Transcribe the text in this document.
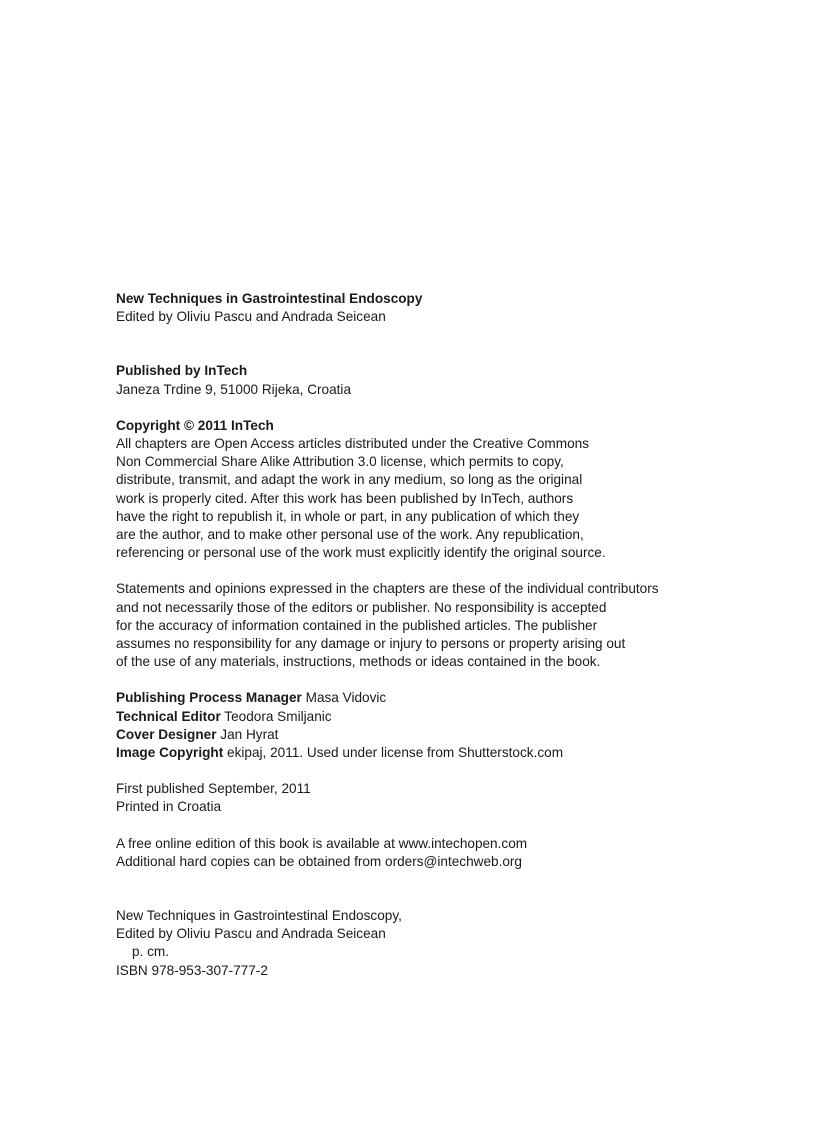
New Techniques in Gastrointestinal Endoscopy
Edited by Oliviu Pascu and Andrada Seicean
Published by InTech
Janeza Trdine 9, 51000 Rijeka, Croatia
Copyright © 2011 InTech
All chapters are Open Access articles distributed under the Creative Commons
Non Commercial Share Alike Attribution 3.0 license, which permits to copy,
distribute, transmit, and adapt the work in any medium, so long as the original
work is properly cited. After this work has been published by InTech, authors
have the right to republish it, in whole or part, in any publication of which they
are the author, and to make other personal use of the work. Any republication,
referencing or personal use of the work must explicitly identify the original source.
Statements and opinions expressed in the chapters are these of the individual contributors
and not necessarily those of the editors or publisher. No responsibility is accepted
for the accuracy of information contained in the published articles. The publisher
assumes no responsibility for any damage or injury to persons or property arising out
of the use of any materials, instructions, methods or ideas contained in the book.
Publishing Process Manager Masa Vidovic
Technical Editor Teodora Smiljanic
Cover Designer Jan Hyrat
Image Copyright ekipaj, 2011. Used under license from Shutterstock.com
First published September, 2011
Printed in Croatia
A free online edition of this book is available at www.intechopen.com
Additional hard copies can be obtained from orders@intechweb.org
New Techniques in Gastrointestinal Endoscopy,
Edited by Oliviu Pascu and Andrada Seicean
p. cm.
ISBN 978-953-307-777-2
